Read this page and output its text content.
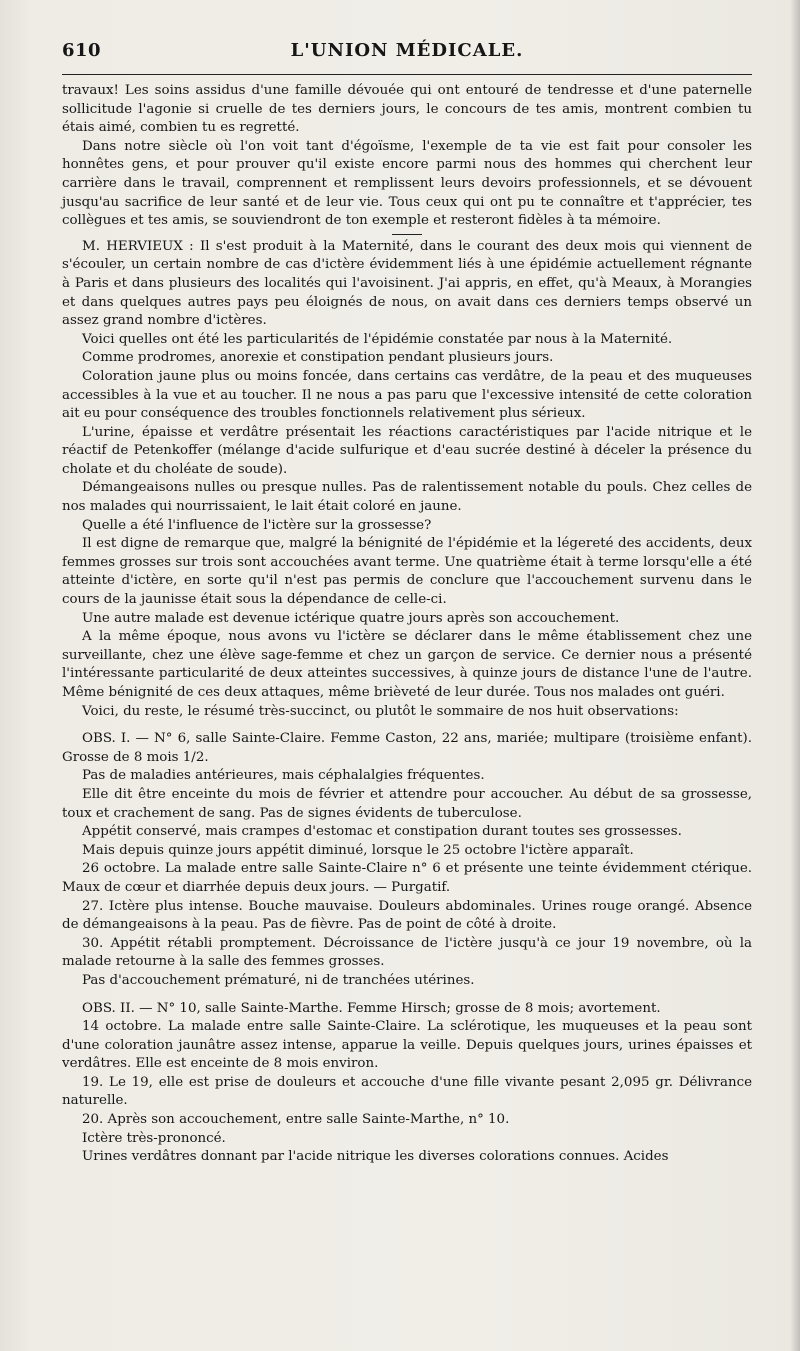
610	L'UNION MÉDICALE.

travaux! Les soins assidus d'une famille dévouée qui ont entouré de tendresse et d'une paternelle sollicitude l'agonie si cruelle de tes derniers jours, le concours de tes amis, montrent combien tu étais aimé, combien tu es regretté.

Dans notre siècle où l'on voit tant d'égoïsme, l'exemple de ta vie est fait pour consoler les honnêtes gens, et pour prouver qu'il existe encore parmi nous des hommes qui cherchent leur carrière dans le travail, comprennent et remplissent leurs devoirs professionnels, et se dévouent jusqu'au sacrifice de leur santé et de leur vie. Tous ceux qui ont pu te connaître et t'apprécier, tes collègues et tes amis, se souviendront de ton exemple et resteront fidèles à ta mémoire.

M. HERVIEUX : Il s'est produit à la Maternité, dans le courant des deux mois qui viennent de s'écouler, un certain nombre de cas d'ictère évidemment liés à une épidémie actuellement régnante à Paris et dans plusieurs des localités qui l'avoisinent. J'ai appris, en effet, qu'à Meaux, à Morangies et dans quelques autres pays peu éloignés de nous, on avait dans ces derniers temps observé un assez grand nombre d'ictères.

Voici quelles ont été les particularités de l'épidémie constatée par nous à la Maternité.

Comme prodromes, anorexie et constipation pendant plusieurs jours.

Coloration jaune plus ou moins foncée, dans certains cas verdâtre, de la peau et des muqueuses accessibles à la vue et au toucher. Il ne nous a pas paru que l'excessive intensité de cette coloration ait eu pour conséquence des troubles fonctionnels relativement plus sérieux.

L'urine, épaisse et verdâtre présentait les réactions caractéristiques par l'acide nitrique et le réactif de Petenkoffer (mélange d'acide sulfurique et d'eau sucrée destiné à déceler la présence du cholate et du choléate de soude).

Démangeaisons nulles ou presque nulles. Pas de ralentissement notable du pouls. Chez celles de nos malades qui nourrissaient, le lait était coloré en jaune.

Quelle a été l'influence de l'ictère sur la grossesse?

Il est digne de remarque que, malgré la bénignité de l'épidémie et la légereté des accidents, deux femmes grosses sur trois sont accouchées avant terme. Une quatrième était à terme lorsqu'elle a été atteinte d'ictère, en sorte qu'il n'est pas permis de conclure que l'accouchement survenu dans le cours de la jaunisse était sous la dépendance de celle-ci.

Une autre malade est devenue ictérique quatre jours après son accouchement.

A la même époque, nous avons vu l'ictère se déclarer dans le même établissement chez une surveillante, chez une élève sage-femme et chez un garçon de service. Ce dernier nous a présenté l'intéressante particularité de deux atteintes successives, à quinze jours de distance l'une de l'autre. Même bénignité de ces deux attaques, même brièveté de leur durée. Tous nos malades ont guéri.

Voici, du reste, le résumé très-succinct, ou plutôt le sommaire de nos huit observations:

OBS. I. — N° 6, salle Sainte-Claire. Femme Caston, 22 ans, mariée; multipare (troisième enfant). Grosse de 8 mois 1/2.

Pas de maladies antérieures, mais céphalalgies fréquentes.

Elle dit être enceinte du mois de février et attendre pour accoucher. Au début de sa grossesse, toux et crachement de sang. Pas de signes évidents de tuberculose.

Appétit conservé, mais crampes d'estomac et constipation durant toutes ses grossesses.

Mais depuis quinze jours appétit diminué, lorsque le 25 octobre l'ictère apparaît.

26 octobre. La malade entre salle Sainte-Claire n° 6 et présente une teinte évidemment ctérique. Maux de cœur et diarrhée depuis deux jours. — Purgatif.

27. Ictère plus intense. Bouche mauvaise. Douleurs abdominales. Urines rouge orangé. Absence de démangeaisons à la peau. Pas de fièvre. Pas de point de côté à droite.

30. Appétit rétabli promptement. Décroissance de l'ictère jusqu'à ce jour 19 novembre, où la malade retourne à la salle des femmes grosses.

Pas d'accouchement prématuré, ni de tranchées utérines.

OBS. II. — N° 10, salle Sainte-Marthe. Femme Hirsch; grosse de 8 mois; avortement.

14 octobre. La malade entre salle Sainte-Claire. La sclérotique, les muqueuses et la peau sont d'une coloration jaunâtre assez intense, apparue la veille. Depuis quelques jours, urines épaisses et verdâtres. Elle est enceinte de 8 mois environ.

19. Le 19, elle est prise de douleurs et accouche d'une fille vivante pesant 2,095 gr. Délivrance naturelle.

20. Après son accouchement, entre salle Sainte-Marthe, n° 10.

Ictère très-prononcé.

Urines verdâtres donnant par l'acide nitrique les diverses colorations connues. Acides
